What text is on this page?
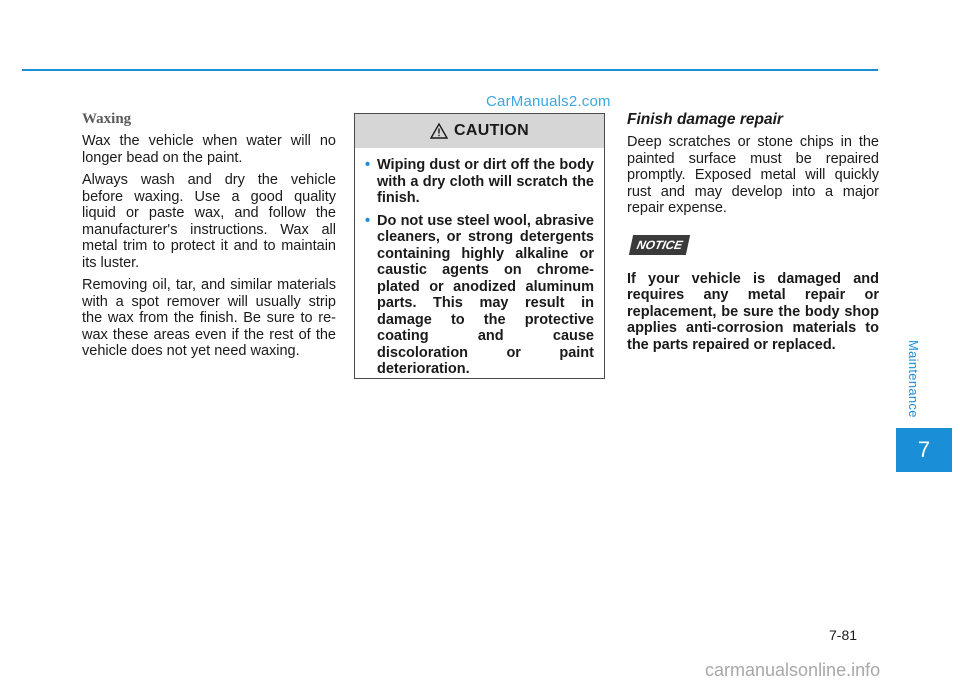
CarManuals2.com
Waxing

Wax the vehicle when water will no longer bead on the paint.

Always wash and dry the vehicle before waxing. Use a good quality liquid or paste wax, and follow the manufacturer's instructions. Wax all metal trim to protect it and to maintain its luster.

Removing oil, tar, and similar materials with a spot remover will usually strip the wax from the finish. Be sure to re-wax these areas even if the rest of the vehicle does not yet need waxing.

CAUTION
• Wiping dust or dirt off the body with a dry cloth will scratch the finish.
• Do not use steel wool, abrasive cleaners, or strong detergents containing highly alkaline or caustic agents on chrome-plated or anodized aluminum parts. This may result in damage to the protective coating and cause discoloration or paint deterioration.
Finish damage repair

Deep scratches or stone chips in the painted surface must be repaired promptly. Exposed metal will quickly rust and may develop into a major repair expense.

NOTICE

If your vehicle is damaged and requires any metal repair or replacement, be sure the body shop applies anti-corrosion materials to the parts repaired or replaced.	Maintenance
7
7-81
carmanualsonline.info
